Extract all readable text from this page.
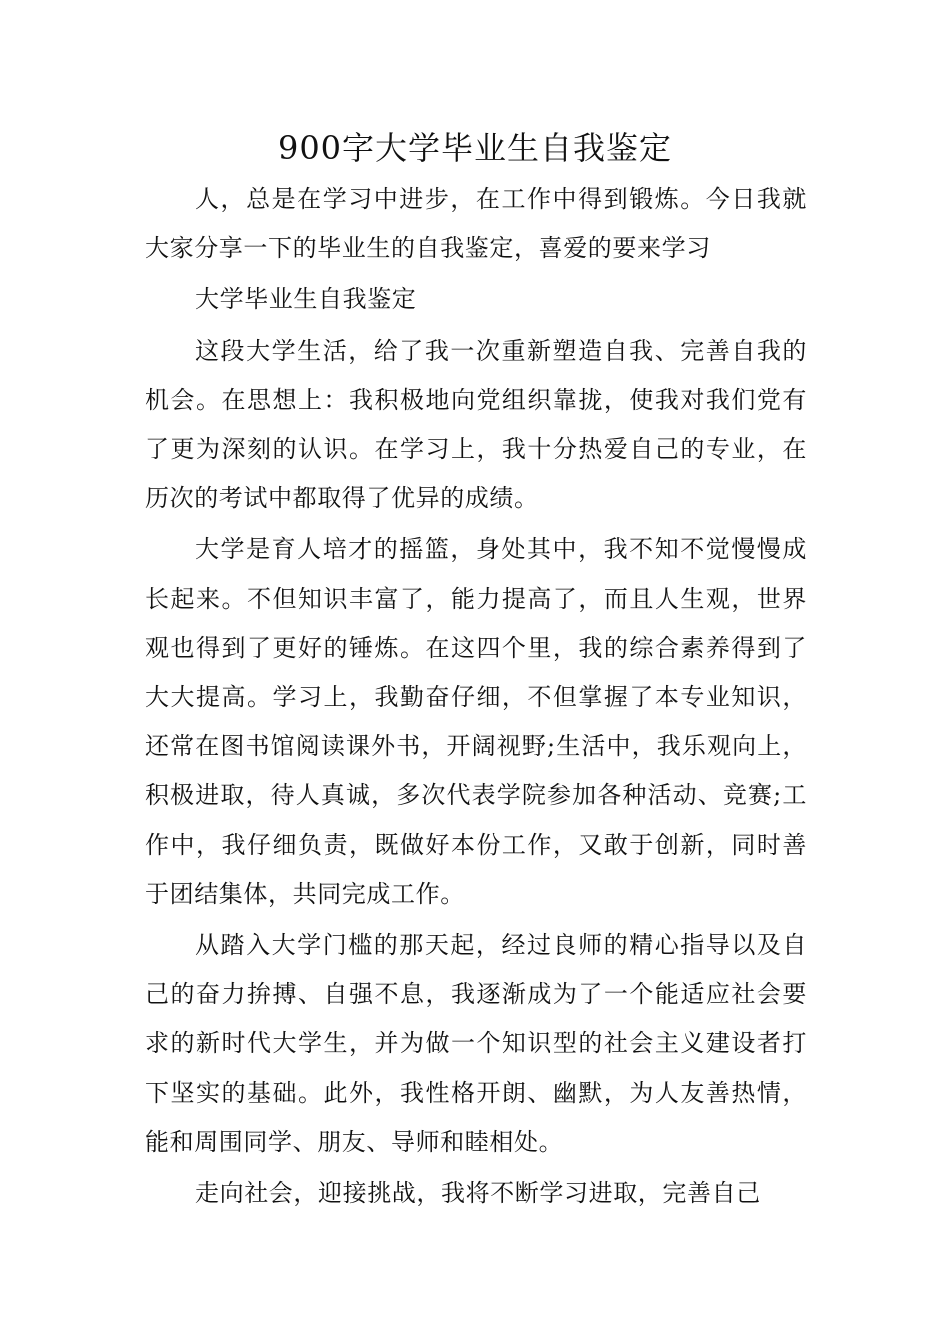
900字大学毕业生自我鉴定

人，总是在学习中进步，在工作中得到锻炼。今日我就大家分享一下的毕业生的自我鉴定，喜爱的要来学习

大学毕业生自我鉴定

这段大学生活，给了我一次重新塑造自我、完善自我的机会。在思想上：我积极地向党组织靠拢，使我对我们党有了更为深刻的认识。在学习上，我十分热爱自己的专业，在历次的考试中都取得了优异的成绩。

大学是育人培才的摇篮，身处其中，我不知不觉慢慢成长起来。不但知识丰富了，能力提高了，而且人生观，世界观也得到了更好的锤炼。在这四个里，我的综合素养得到了大大提高。学习上，我勤奋仔细，不但掌握了本专业知识，还常在图书馆阅读课外书，开阔视野;生活中，我乐观向上，积极进取，待人真诚，多次代表学院参加各种活动、竞赛;工作中，我仔细负责，既做好本份工作，又敢于创新，同时善于团结集体，共同完成工作。

从踏入大学门槛的那天起，经过良师的精心指导以及自己的奋力拚搏、自强不息，我逐渐成为了一个能适应社会要求的新时代大学生，并为做一个知识型的社会主义建设者打下坚实的基础。此外，我性格开朗、幽默，为人友善热情，能和周围同学、朋友、导师和睦相处。

走向社会，迎接挑战，我将不断学习进取，完善自己
